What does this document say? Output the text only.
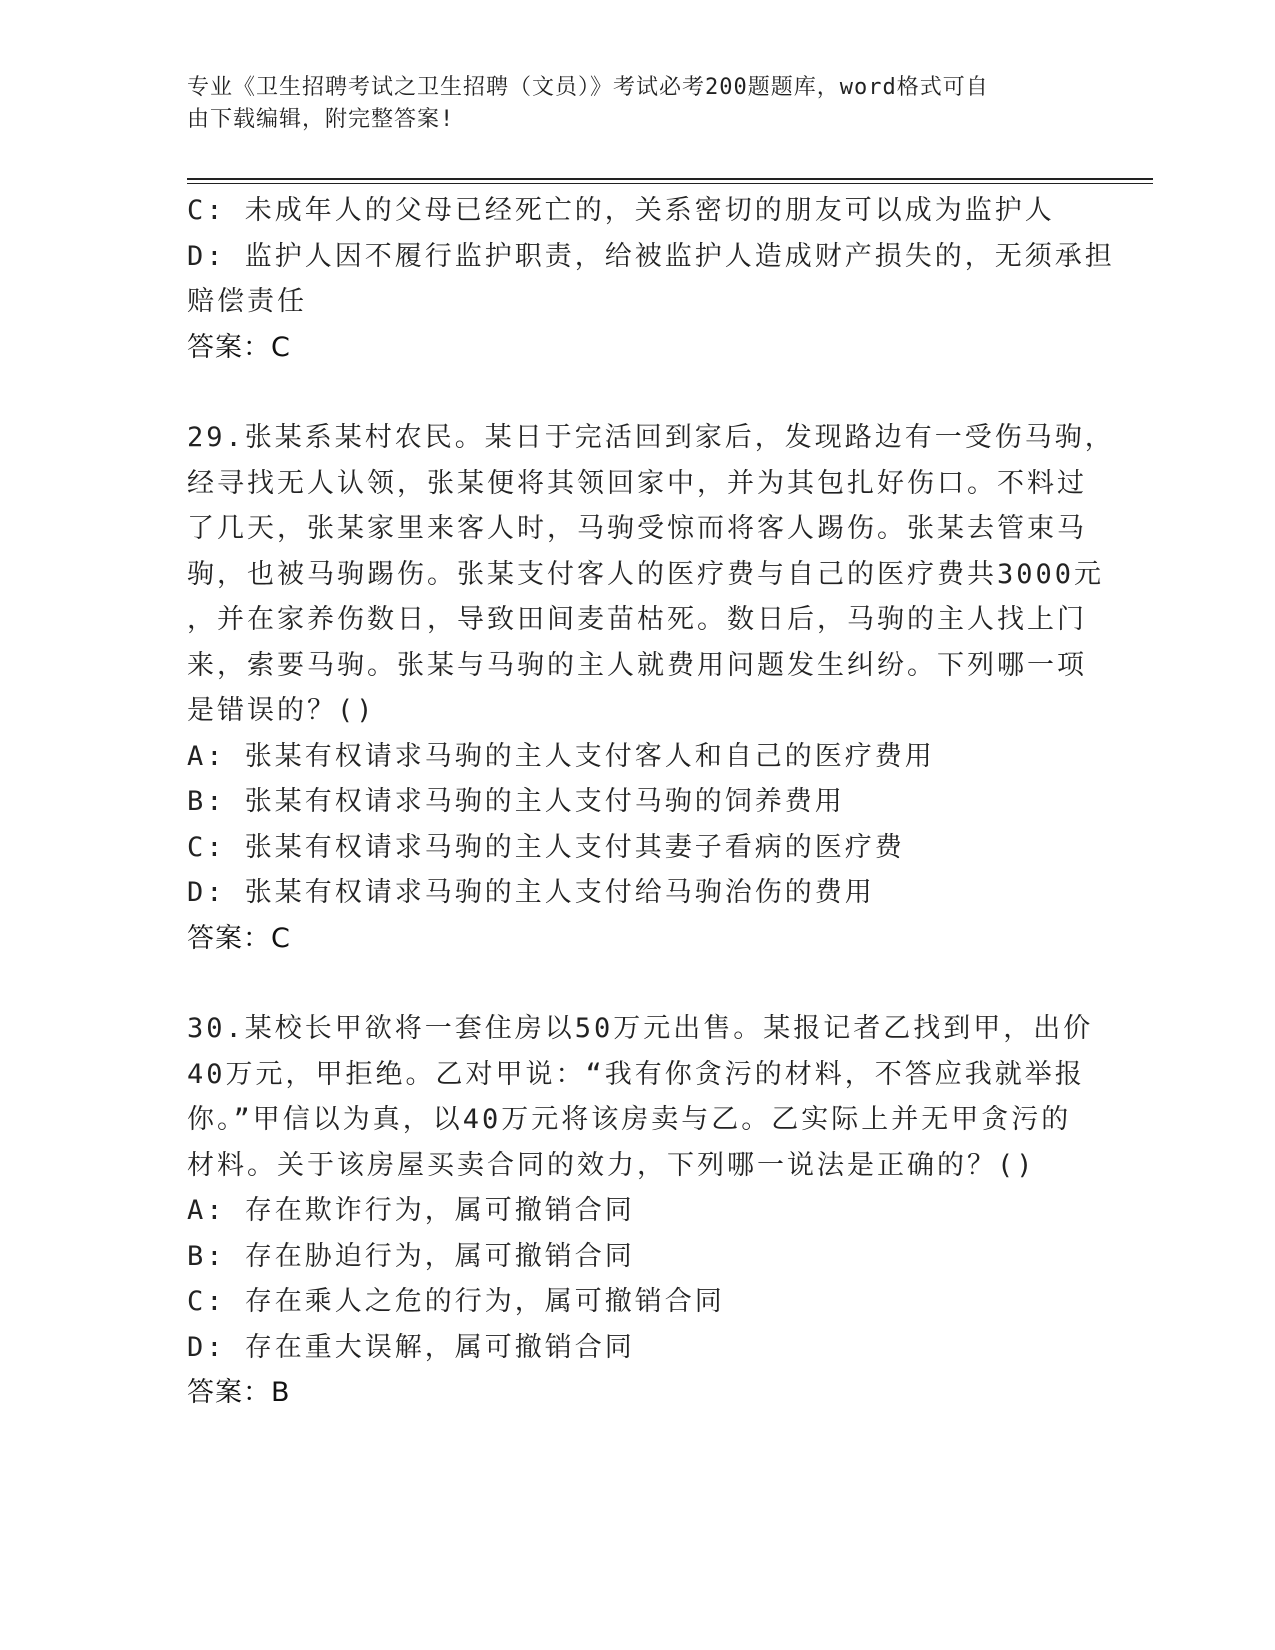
专业《卫生招聘考试之卫生招聘（文员）》考试必考200题题库，word格式可自
由下载编辑，附完整答案!
C: 未成年人的父母已经死亡的，关系密切的朋友可以成为监护人
D: 监护人因不履行监护职责，给被监护人造成财产损失的，无须承担
赔偿责任
答案：C
29.张某系某村农民。某日于完活回到家后，发现路边有一受伤马驹，
经寻找无人认领，张某便将其领回家中，并为其包扎好伤口。不料过
了几天，张某家里来客人时，马驹受惊而将客人踢伤。张某去管束马
驹，也被马驹踢伤。张某支付客人的医疗费与自己的医疗费共3000元
，并在家养伤数日，导致田间麦苗枯死。数日后，马驹的主人找上门
来，索要马驹。张某与马驹的主人就费用问题发生纠纷。下列哪一项
是错误的？()
A: 张某有权请求马驹的主人支付客人和自己的医疗费用
B: 张某有权请求马驹的主人支付马驹的饲养费用
C: 张某有权请求马驹的主人支付其妻子看病的医疗费
D: 张某有权请求马驹的主人支付给马驹治伤的费用
答案：C
30.某校长甲欲将一套住房以50万元出售。某报记者乙找到甲，出价
40万元，甲拒绝。乙对甲说：“我有你贪污的材料，不答应我就举报
你。”甲信以为真，以40万元将该房卖与乙。乙实际上并无甲贪污的
材料。关于该房屋买卖合同的效力，下列哪一说法是正确的？()
A: 存在欺诈行为，属可撤销合同
B: 存在胁迫行为，属可撤销合同
C: 存在乘人之危的行为，属可撤销合同
D: 存在重大误解，属可撤销合同
答案：B
